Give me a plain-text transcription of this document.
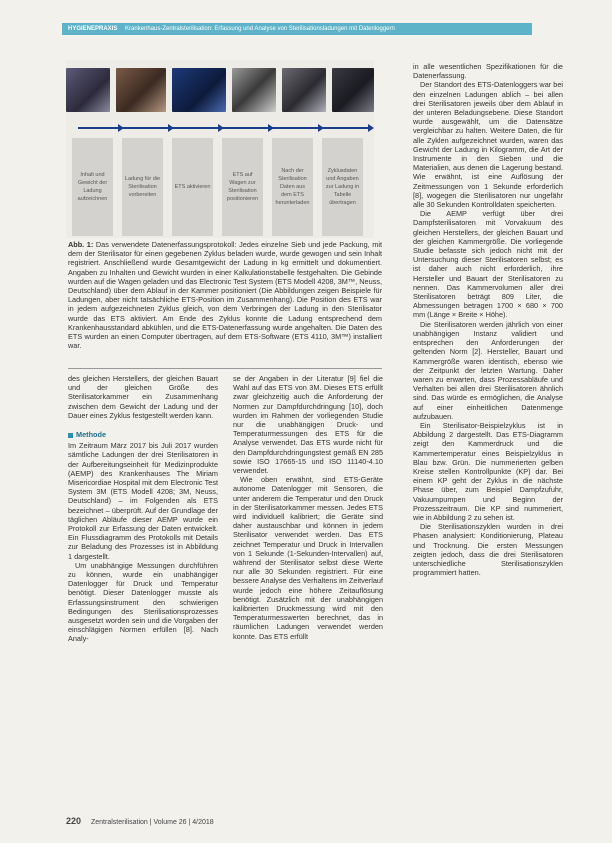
HYGIENEPRAXIS Krankenhaus-Zentralsterilisation: Erfassung und Analyse von Sterilisationsladungen mit Datenloggern
Inhalt und Gewicht der Ladung aufzeichnen
Ladung für die Sterilisation vorbereiten
ETS aktivieren
ETS auf Wagen zur Sterilisation positionieren
Nach der Sterilisation Daten aus dem ETS herunterladen
Zyklusdaten und Angaben zur Ladung in Tabelle übertragen
Abb. 1: Das verwendete Datenerfassungsprotokoll: Jedes einzelne Sieb und jede Packung, mit dem der Sterilisator für einen gegebenen Zyklus beladen wurde, wurde gewogen und sein Inhalt registriert. Anschließend wurde Gesamtgewicht der Ladung in kg ermittelt und dokumentiert. Angaben zu Inhalten und Gewicht wurden in einer Kalkulationstabelle festgehalten. Die Gebinde wurden auf die Wagen geladen und das Electronic Test System (ETS Modell 4208, 3M™, Neuss, Deutschland) über dem Ablauf in der Kammer positioniert (Die Abbildungen zeigen Beispiele für Ladungen, aber nicht tatsächliche ETS-Position im Zusammenhang). Die Position des ETS war in jedem aufgezeichneten Zyklus gleich, von dem Verbringen der Ladung in den Sterilisator wurde das ETS aktiviert. Am Ende des Zyklus konnte die Ladung entsprechend dem Krankenhausstandard abkühlen, und die ETS-Datenerfassung wurde angehalten. Die Daten des ETS wurden an einen Computer übertragen, auf dem ETS-Software (ETS 4110, 3M™) installiert war.

des gleichen Herstellers, der gleichen Bauart und der gleichen Größe des Sterilisatorkammer ein Zusammenhang zwischen dem Gewicht der Ladung und der Dauer eines Zyklus festgestellt werden kann.

Methode

Im Zeitraum März 2017 bis Juli 2017 wurden sämtliche Ladungen der drei Sterilisatoren in der Aufbereitungseinheit für Medizinprodukte (AEMP) des Krankenhauses The Miriam Misericordiae Hospital mit dem Electronic Test System 3M (ETS Modell 4208; 3M, Neuss, Deutschland) – im Folgenden als ETS bezeichnet – überprüft. Auf der Grundlage der täglichen Abläufe dieser AEMP wurde ein Protokoll zur Erfassung der Daten entwickelt. Ein Flussdiagramm des Protokolls mit Details zur Beladung des Prozesses ist in Abbildung 1 dargestellt.

Um unabhängige Messungen durchführen zu können, wurde ein unabhängiger Datenlogger für Druck und Temperatur benötigt. Dieser Datenlogger musste als Erfassungsinstrument den schwierigen Bedingungen des Sterilisationsprozesses ausgesetzt worden sein und die Vorgaben der einschlägigen Normen erfüllen [8]. Nach Analy-

se der Angaben in der Literatur [9] fiel die Wahl auf das ETS von 3M. Dieses ETS erfüllt zwar gleichzeitig auch die Anforderung der Normen zur Dampfdurchdringung [10], doch wurden im Rahmen der vorliegenden Studie nur die unabhängigen Druck- und Temperaturmessungen des ETS für die Analyse verwendet. Das ETS wurde nicht für den Dampfdurchdringungstest gemäß EN 285 sowie ISO 17665-15 und ISO 11140-4.10 verwendet.

Wie oben erwähnt, sind ETS-Geräte autonome Datenlogger mit Sensoren, die unter anderem die Temperatur und den Druck in der Sterilisatorkammer messen. Jedes ETS wird individuell kalibriert; die Geräte sind daher austauschbar und können in jedem Sterilisator verwendet werden. Das ETS zeichnet Temperatur und Druck in Intervallen von 1 Sekunde (1-Sekunden-Intervallen) auf, während der Sterilisator selbst diese Werte nur alle 30 Sekunden registriert. Für eine bessere Analyse des Verhaltens im Zeitverlauf wurde jedoch eine höhere Zeitauflösung benötigt. Zusätzlich mit der unabhängigen kalibrierten Druckmessung wird mit den Temperaturmesswerten berechnet, das in räumlichen Ladungen verwendet werden konnte. Das ETS erfüllt

in alle wesentlichen Spezifikationen für die Datenerfassung.

Der Standort des ETS-Datenloggers war bei den einzelnen Ladungen ablich – bei allen drei Sterilisatoren jeweils über dem Ablauf in der unteren Beladungsebene. Diese Standort wurde ausgewählt, um die Datensätze vergleichbar zu halten. Weitere Daten, die für alle Zyklen aufgezeichnet wurden, waren das Gewicht der Ladung in Kilogramm, die Art der Instrumente in den Sieben und die Materialien, aus denen die Lagerung bestand. Wie erwähnt, ist eine Auflösung der Zeitmessungen von 1 Sekunde erforderlich [8], wogegen die Sterilisatoren nur ungefähr alle 30 Sekunden Kontrolldaten speicherten.

Die AEMP verfügt über drei Dampfsterilisatoren mit Vorvakuum des gleichen Herstellers, der gleichen Bauart und der gleichen Kammergröße. Die vorliegende Studie befasste sich jedoch nicht mit der Untersuchung dieser Sterilisatoren selbst; es ist daher auch nicht erforderlich, ihre Hersteller und Bauart der Sterilisatoren zu nennen. Das Kammervolumen aller drei Sterilisatoren beträgt 809 Liter, die Abmessungen betragen 1700 × 680 × 700 mm (Länge × Breite × Höhe).

Die Sterilisatoren werden jährlich von einer unabhängigen Instanz validiert und entsprechen den Anforderungen der geltenden Norm [2]. Hersteller, Bauart und Kammergröße waren identisch, ebenso wie der Zeitpunkt der letzten Wartung. Daher waren zu erwarten, dass Prozessabläufe und Verhalten bei allen drei Sterilisatoren ähnlich sind. Das würde es ermöglichen, die Analyse auf einer einheitlichen Datenmenge aufzubauen.

Ein Sterilisator-Beispielzyklus ist in Abbildung 2 dargestellt. Das ETS-Diagramm zeigt den Kammerdruck und die Kammertemperatur eines Beispielzyklus in Blau bzw. Grün. Die nummerierten gelben Kreise stellen Kontrollpunkte (KP) dar. Bei einem KP geht der Zyklus in die nächste Phase über, zum Beispiel Dampfzufuhr, Vakuumpumpen und Beginn der Prozesszeitraum. Die KP sind nummeriert, wie in Abbildung 2 zu sehen ist.

Die Sterilisationszyklen wurden in drei Phasen analysiert: Konditionierung, Plateau und Trocknung. Die ersten Messungen zeigten jedoch, dass die drei Sterilisatoren unterschiedliche Sterilisationszyklen programmiert hatten.

220 Zentralsterilisation | Volume 26 | 4/2018
